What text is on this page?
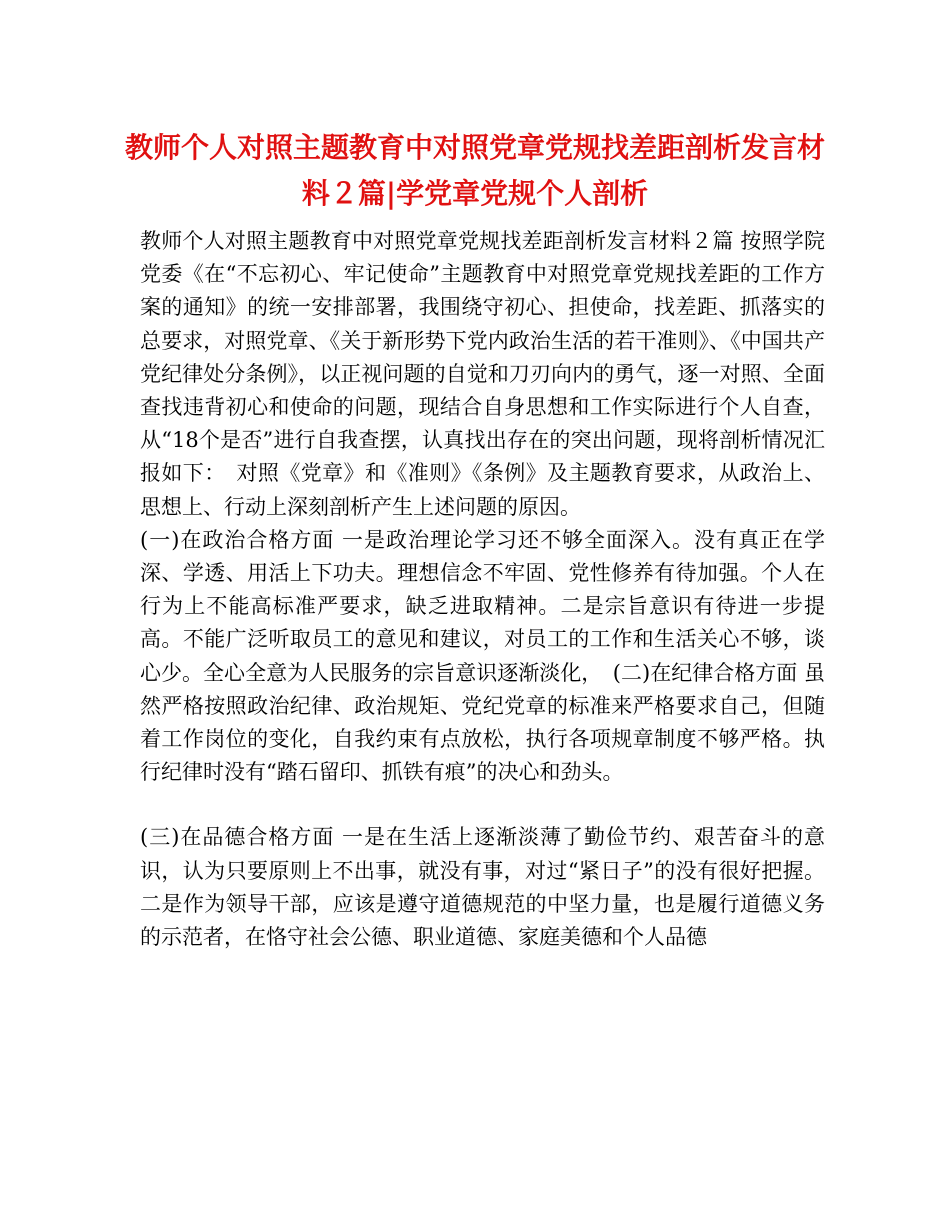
教师个人对照主题教育中对照党章党规找差距剖析发言材料２篇|学党章党规个人剖析

教师个人对照主题教育中对照党章党规找差距剖析发言材料２篇 按照学院党委《在“不忘初心、牢记使命”主题教育中对照党章党规找差距的工作方案的通知》的统一安排部署，我围绕守初心、担使命，找差距、抓落实的总要求，对照党章、《关于新形势下党内政治生活的若干准则》、《中国共产党纪律处分条例》，以正视问题的自觉和刀刃向内的勇气，逐一对照、全面查找违背初心和使命的问题，现结合自身思想和工作实际进行个人自查，从“18个是否”进行自我查摆，认真找出存在的突出问题，现将剖析情况汇报如下：　对照《党章》和《准则》《条例》及主题教育要求，从政治上、思想上、行动上深刻剖析产生上述问题的原因。

(一)在政治合格方面 一是政治理论学习还不够全面深入。没有真正在学深、学透、用活上下功夫。理想信念不牢固、党性修养有待加强。个人在行为上不能高标准严要求，缺乏进取精神。二是宗旨意识有待进一步提高。不能广泛听取员工的意见和建议，对员工的工作和生活关心不够，谈心少。全心全意为人民服务的宗旨意识逐渐淡化，　(二)在纪律合格方面 虽然严格按照政治纪律、政治规矩、党纪党章的标准来严格要求自己，但随着工作岗位的变化，自我约束有点放松，执行各项规章制度不够严格。执行纪律时没有“踏石留印、抓铁有痕”的决心和劲头。

(三)在品德合格方面 一是在生活上逐渐淡薄了勤俭节约、艰苦奋斗的意识，认为只要原则上不出事，就没有事，对过“紧日子”的没有很好把握。二是作为领导干部，应该是遵守道德规范的中坚力量，也是履行道德义务的示范者，在恪守社会公德、职业道德、家庭美德和个人品德
